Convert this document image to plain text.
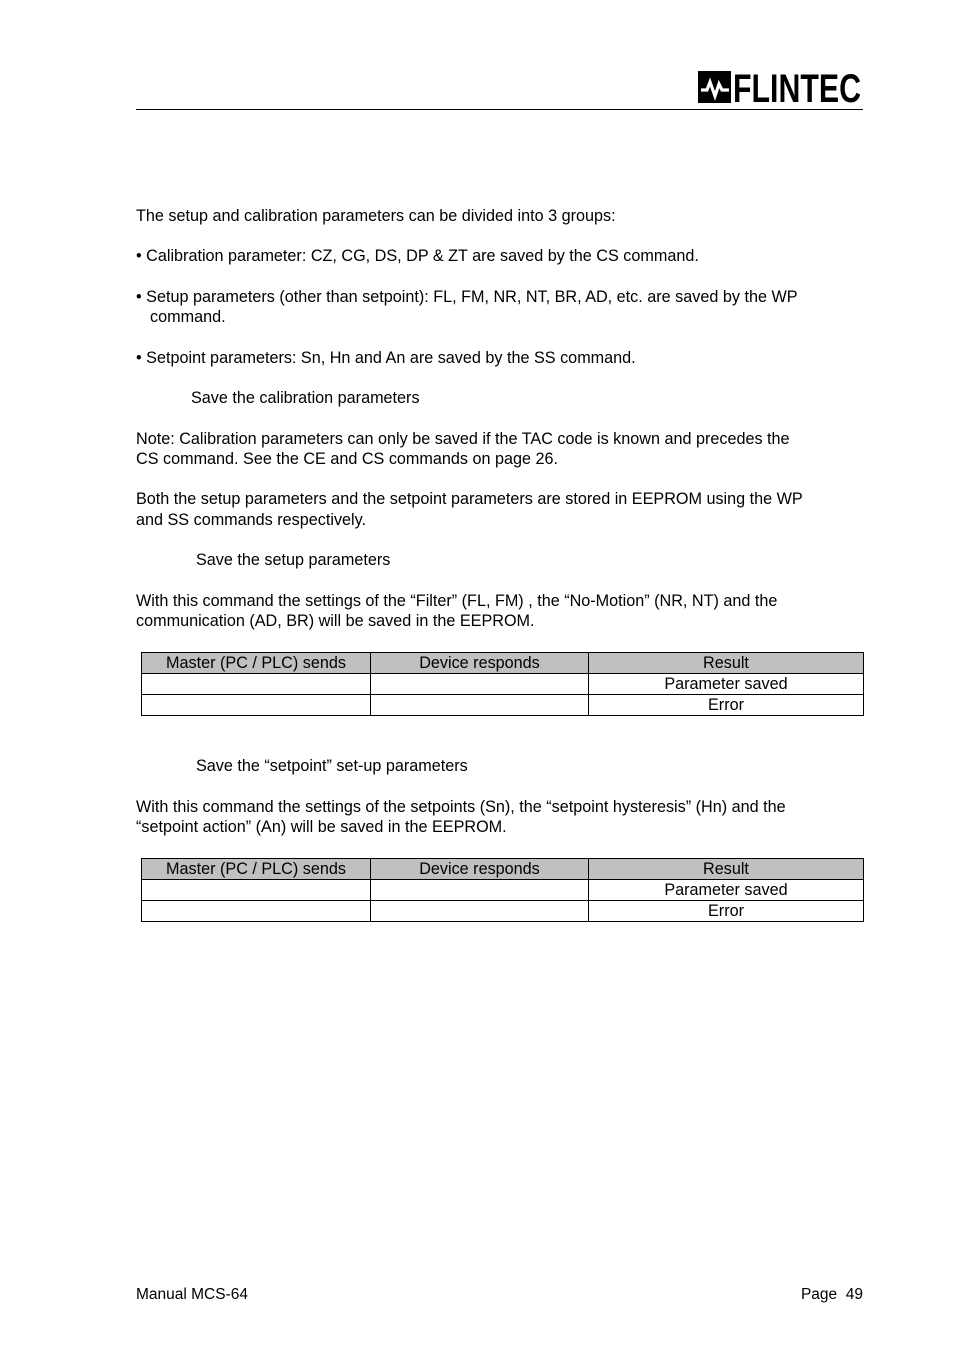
FLINTEC
The setup and calibration parameters can be divided into 3 groups:
• Calibration parameter: CZ, CG, DS, DP & ZT are saved by the CS command.
• Setup parameters (other than setpoint): FL, FM, NR, NT, BR, AD, etc. are saved by the WP
command.
• Setpoint parameters: Sn, Hn and An are saved by the SS command.
Save the calibration parameters
Note: Calibration parameters can only be saved if the TAC code is known and precedes the
CS command. See the CE and CS commands on page 26.
Both the setup parameters and the setpoint parameters are stored in EEPROM using the WP
and SS commands respectively.
Save the setup parameters
With this command the settings of the “Filter” (FL, FM) , the “No-Motion” (NR, NT) and the
communication (AD, BR) will be saved in the EEPROM.
Master (PC / PLC) sends	Device responds	Result
		Parameter saved
		Error
Save the “setpoint” set-up parameters
With this command the settings of the setpoints (Sn), the “setpoint hysteresis” (Hn) and the
“setpoint action” (An) will be saved in the EEPROM.
Master (PC / PLC) sends	Device responds	Result
		Parameter saved
		Error
Manual MCS-64	Page  49
